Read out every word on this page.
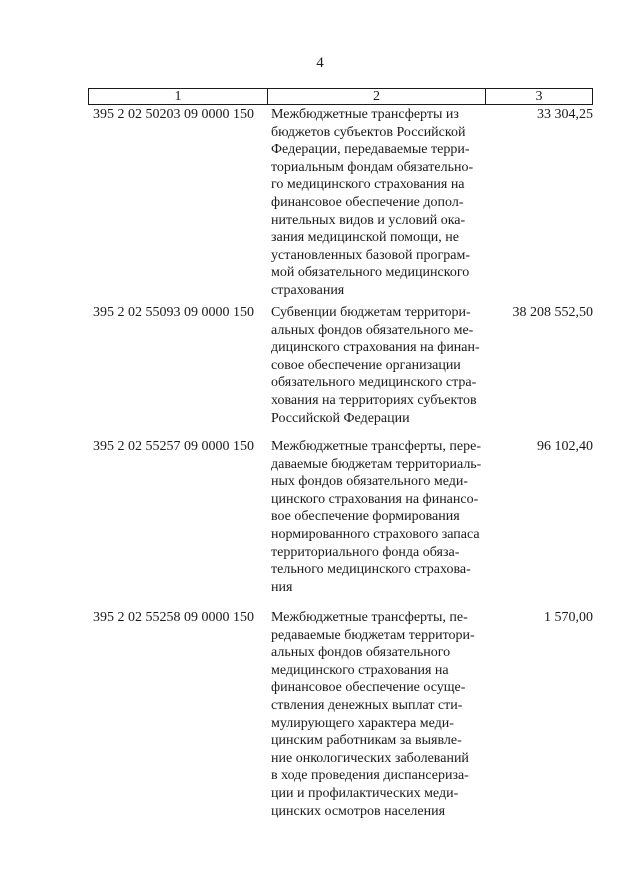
4
1	2	3
395 2 02 50203 09 0000 150	Межбюджетные трансферты из
бюджетов субъектов Российской
Федерации, передаваемые терри-
ториальным фондам обязательно-
го медицинского страхования на
финансовое обеспечение допол-
нительных видов и условий ока-
зания медицинской помощи, не
установленных базовой програм-
мой обязательного медицинского
страхования
33 304,25
395 2 02 55093 09 0000 150	Субвенции бюджетам территори-
альных фондов обязательного ме-
дицинского страхования на финан-
совое обеспечение организации
обязательного медицинского стра-
хования на территориях субъектов
Российской Федерации
38 208 552,50
395 2 02 55257 09 0000 150	Межбюджетные трансферты, пере-
даваемые бюджетам территориаль-
ных фондов обязательного меди-
цинского страхования на финансо-
вое обеспечение формирования
нормированного страхового запаса
территориального фонда обяза-
тельного медицинского страхова-
ния
96 102,40
395 2 02 55258 09 0000 150	Межбюджетные трансферты, пе-
редаваемые бюджетам территори-
альных фондов обязательного
медицинского страхования на
финансовое обеспечение осуще-
ствления денежных выплат сти-
мулирующего характера меди-
цинским работникам за выявле-
ние онкологических заболеваний
в ходе проведения диспансериза-
ции и профилактических меди-
цинских осмотров населения
1 570,00
